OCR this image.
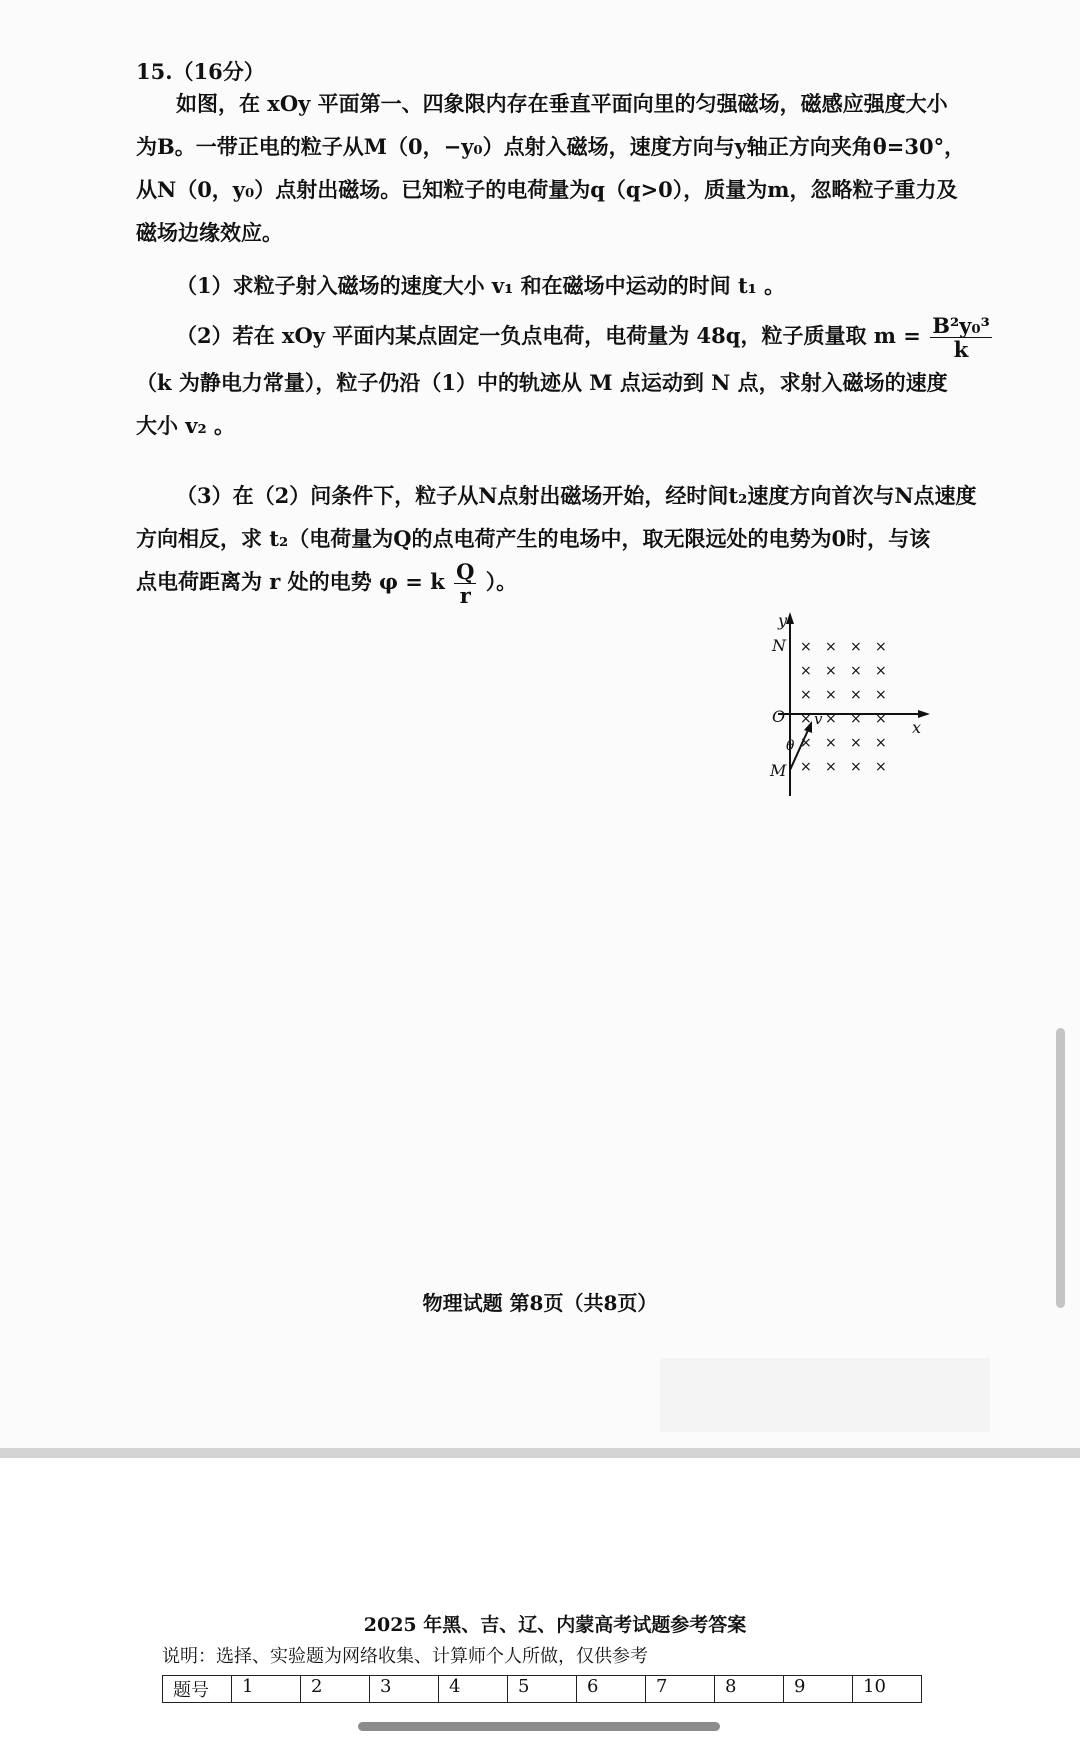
15.（16分）
如图，在 xOy 平面第一、四象限内存在垂直平面向里的匀强磁场，磁感应强度大小
为B。一带正电的粒子从M（0，−y₀）点射入磁场，速度方向与y轴正方向夹角θ=30°，
从N（0，y₀）点射出磁场。已知粒子的电荷量为q（q>0），质量为m，忽略粒子重力及
磁场边缘效应。
（1）求粒子射入磁场的速度大小 v₁ 和在磁场中运动的时间 t₁ 。
（2）若在 xOy 平面内某点固定一负点电荷，电荷量为 48q，粒子质量取 $m = \frac{\text{B²y₀³}}{k}$
（k 为静电力常量），粒子仍沿（1）中的轨迹从 M 点运动到 N 点，求射入磁场的速度
大小 v₂ 。
（3）在（2）问条件下，粒子从N点射出磁场开始，经时间t₂速度方向首次与N点速度
方向相反，求 t₂（电荷量为Q的点电荷产生的电场中，取无限远处的电势为0时，与该
点电荷距离为 r 处的电势 φ = k $\frac{Q}{r}$ ）。
y
x
N
O
M
θ
v
× × × ×
× × × ×
× × × ×
× × × ×
× × × ×
× × × ×
物理试题 第8页（共8页）
2025 年黑、吉、辽、内蒙高考试题参考答案
说明：选择、实验题为网络收集、计算师个人所做，仅供参考
题号	1	2	3	4	5	6	7	8	9	10
